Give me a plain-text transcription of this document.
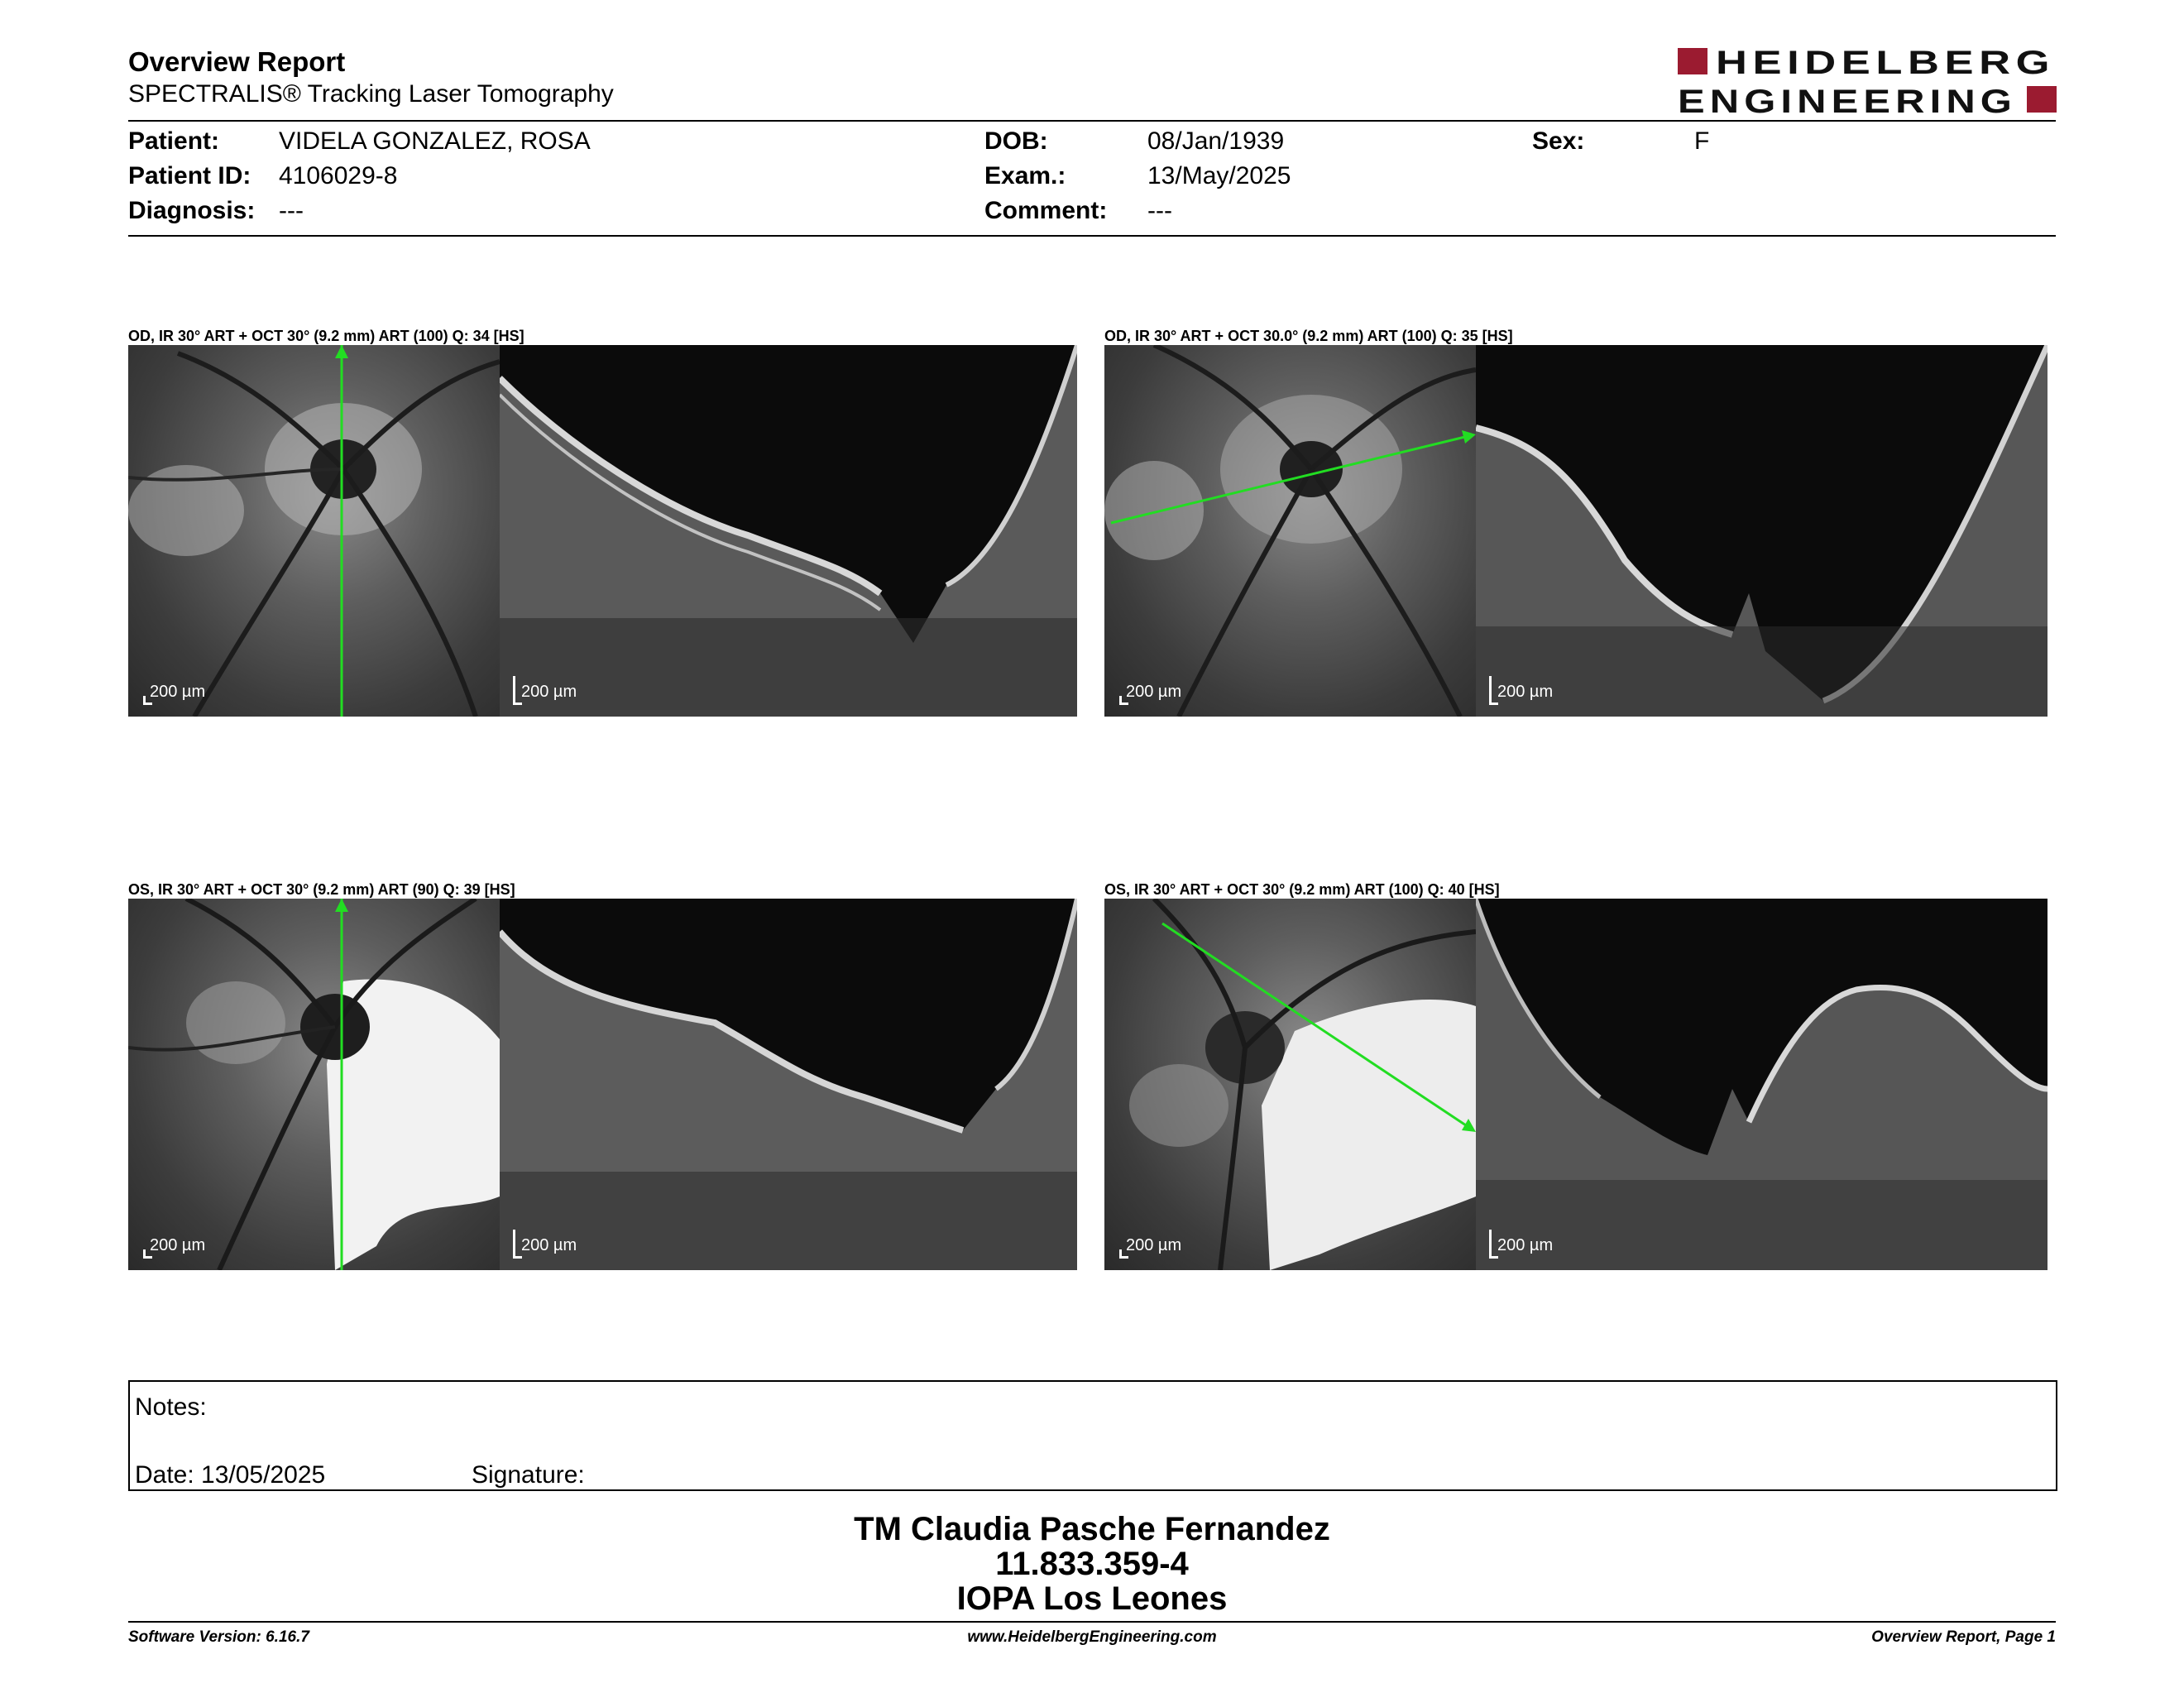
Overview Report
SPECTRALIS® Tracking Laser Tomography
HEIDELBERG
ENGINEERING
Patient: VIDELA GONZALEZ, ROSA
Patient ID: 4106029-8
Diagnosis: ---
DOB:	08/Jan/1939
Exam.:	13/May/2025
Comment: ---
Sex:	F
OD, IR 30° ART + OCT 30° (9.2 mm) ART (100) Q: 34 [HS]
200 µm	200 µm
OD, IR 30° ART + OCT 30.0° (9.2 mm) ART (100) Q: 35 [HS]
200 µm	200 µm
OS, IR 30° ART + OCT 30° (9.2 mm) ART (90) Q: 39 [HS]
200 µm	200 µm
OS, IR 30° ART + OCT 30° (9.2 mm) ART (100) Q: 40 [HS]
200 µm	200 µm
Notes:
Date: 13/05/2025	Signature:
TM Claudia Pasche Fernandez
11.833.359-4
IOPA Los Leones
Software Version: 6.16.7	www.HeidelbergEngineering.com	Overview Report, Page 1
